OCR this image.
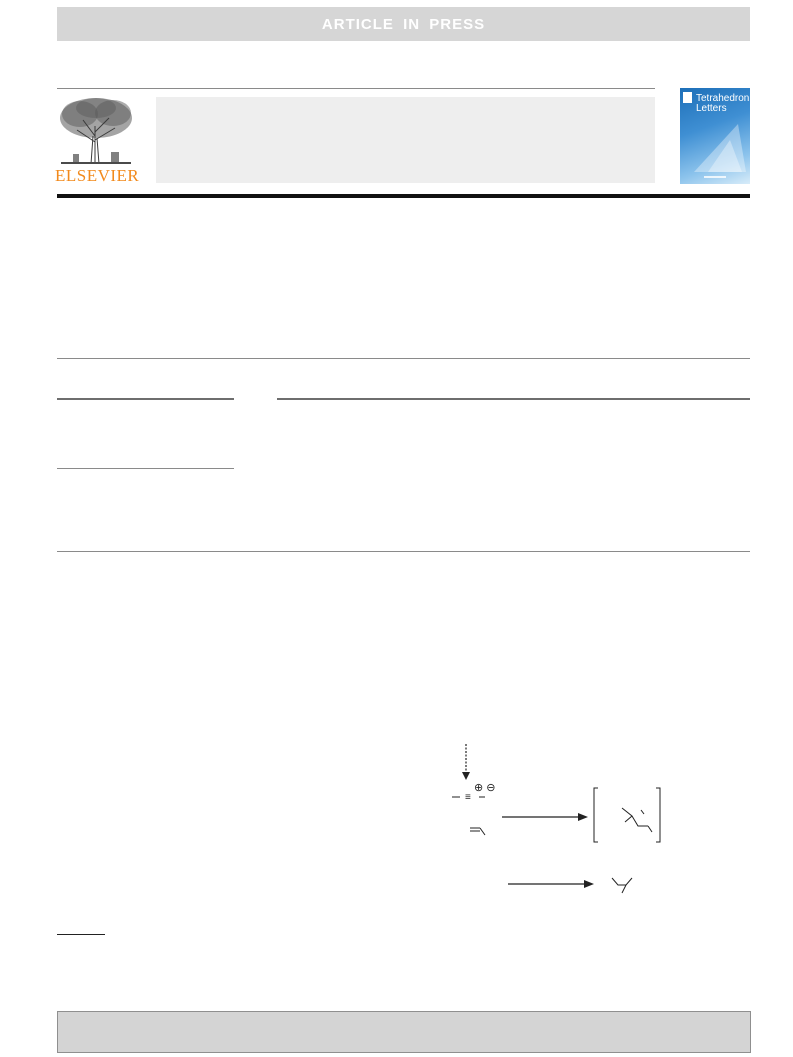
ARTICLE IN PRESS
ELSEVIER
Tetrahedron
Letters
≡
⊕ ⊖
